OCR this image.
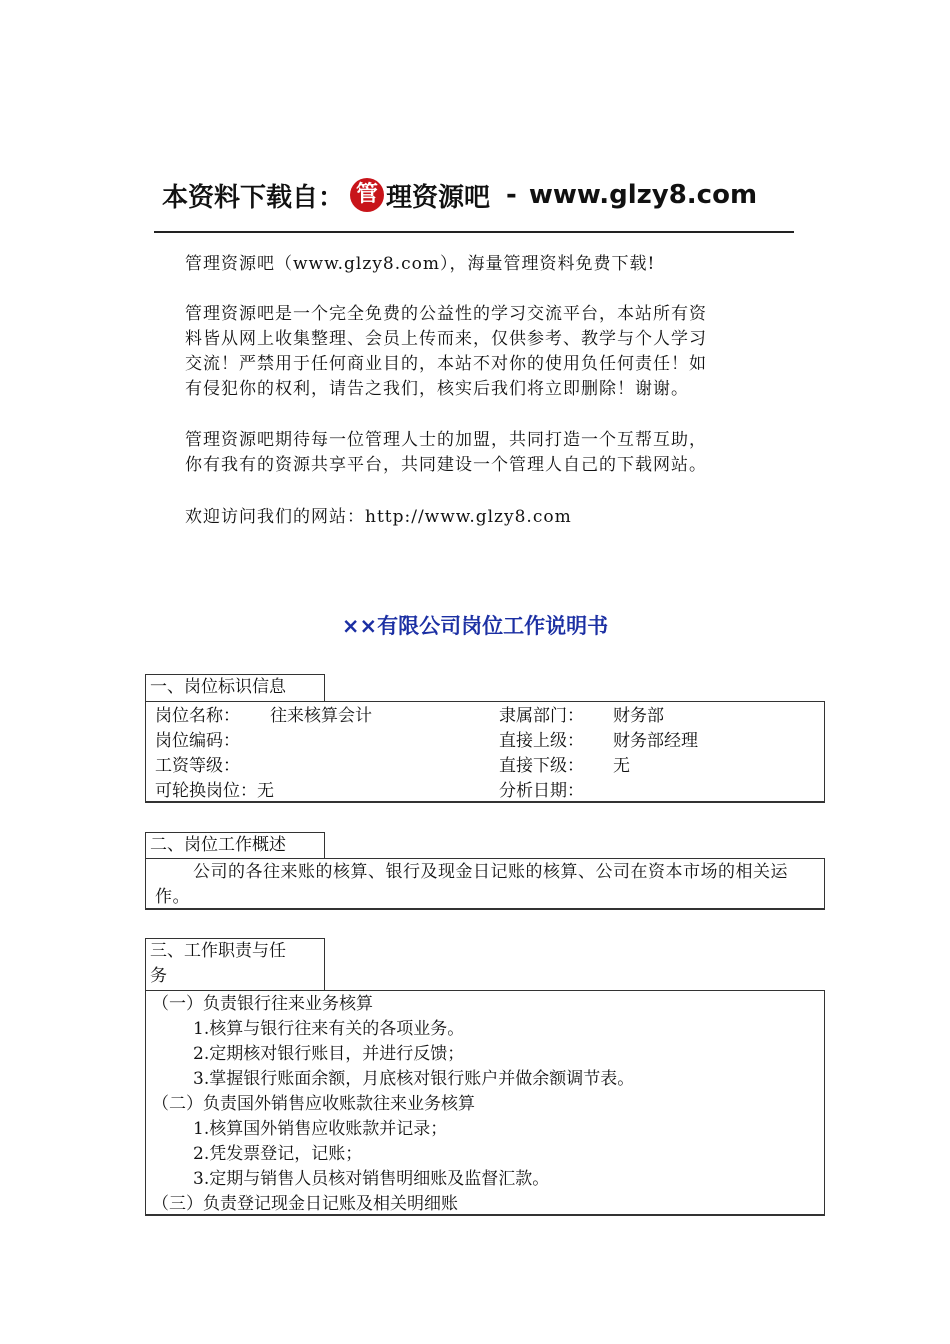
本资料下载自： 管 理资源吧 - www.glzy8.com

管理资源吧（www.glzy8.com），海量管理资料免费下载!

管理资源吧是一个完全免费的公益性的学习交流平台，本站所有资

料皆从网上收集整理、会员上传而来，仅供参考、教学与个人学习

交流！严禁用于任何商业目的，本站不对你的使用负任何责任！如

有侵犯你的权利，请告之我们，核实后我们将立即删除！谢谢。

管理资源吧期待每一位管理人士的加盟，共同打造一个互帮互助，

你有我有的资源共享平台，共同建设一个管理人自己的下载网站。

欢迎访问我们的网站：http://www.glzy8.com

××有限公司岗位工作说明书
一、岗位标识信息
岗位名称： 往来核算会计	隶属部门： 财务部
岗位编码：	直接上级： 财务部经理
工资等级：	直接下级： 无
可轮换岗位：无	分析日期：
二、岗位工作概述
公司的各往来账的核算、银行及现金日记账的核算、公司在资本市场的相关运作。
三、工作职责与任
务
（一）负责银行往来业务核算
1.核算与银行往来有关的各项业务。
2.定期核对银行账目，并进行反馈；
3.掌握银行账面余额，月底核对银行账户并做余额调节表。
（二）负责国外销售应收账款往来业务核算
1.核算国外销售应收账款并记录；
2.凭发票登记，记账；
3.定期与销售人员核对销售明细账及监督汇款。
（三）负责登记现金日记账及相关明细账
